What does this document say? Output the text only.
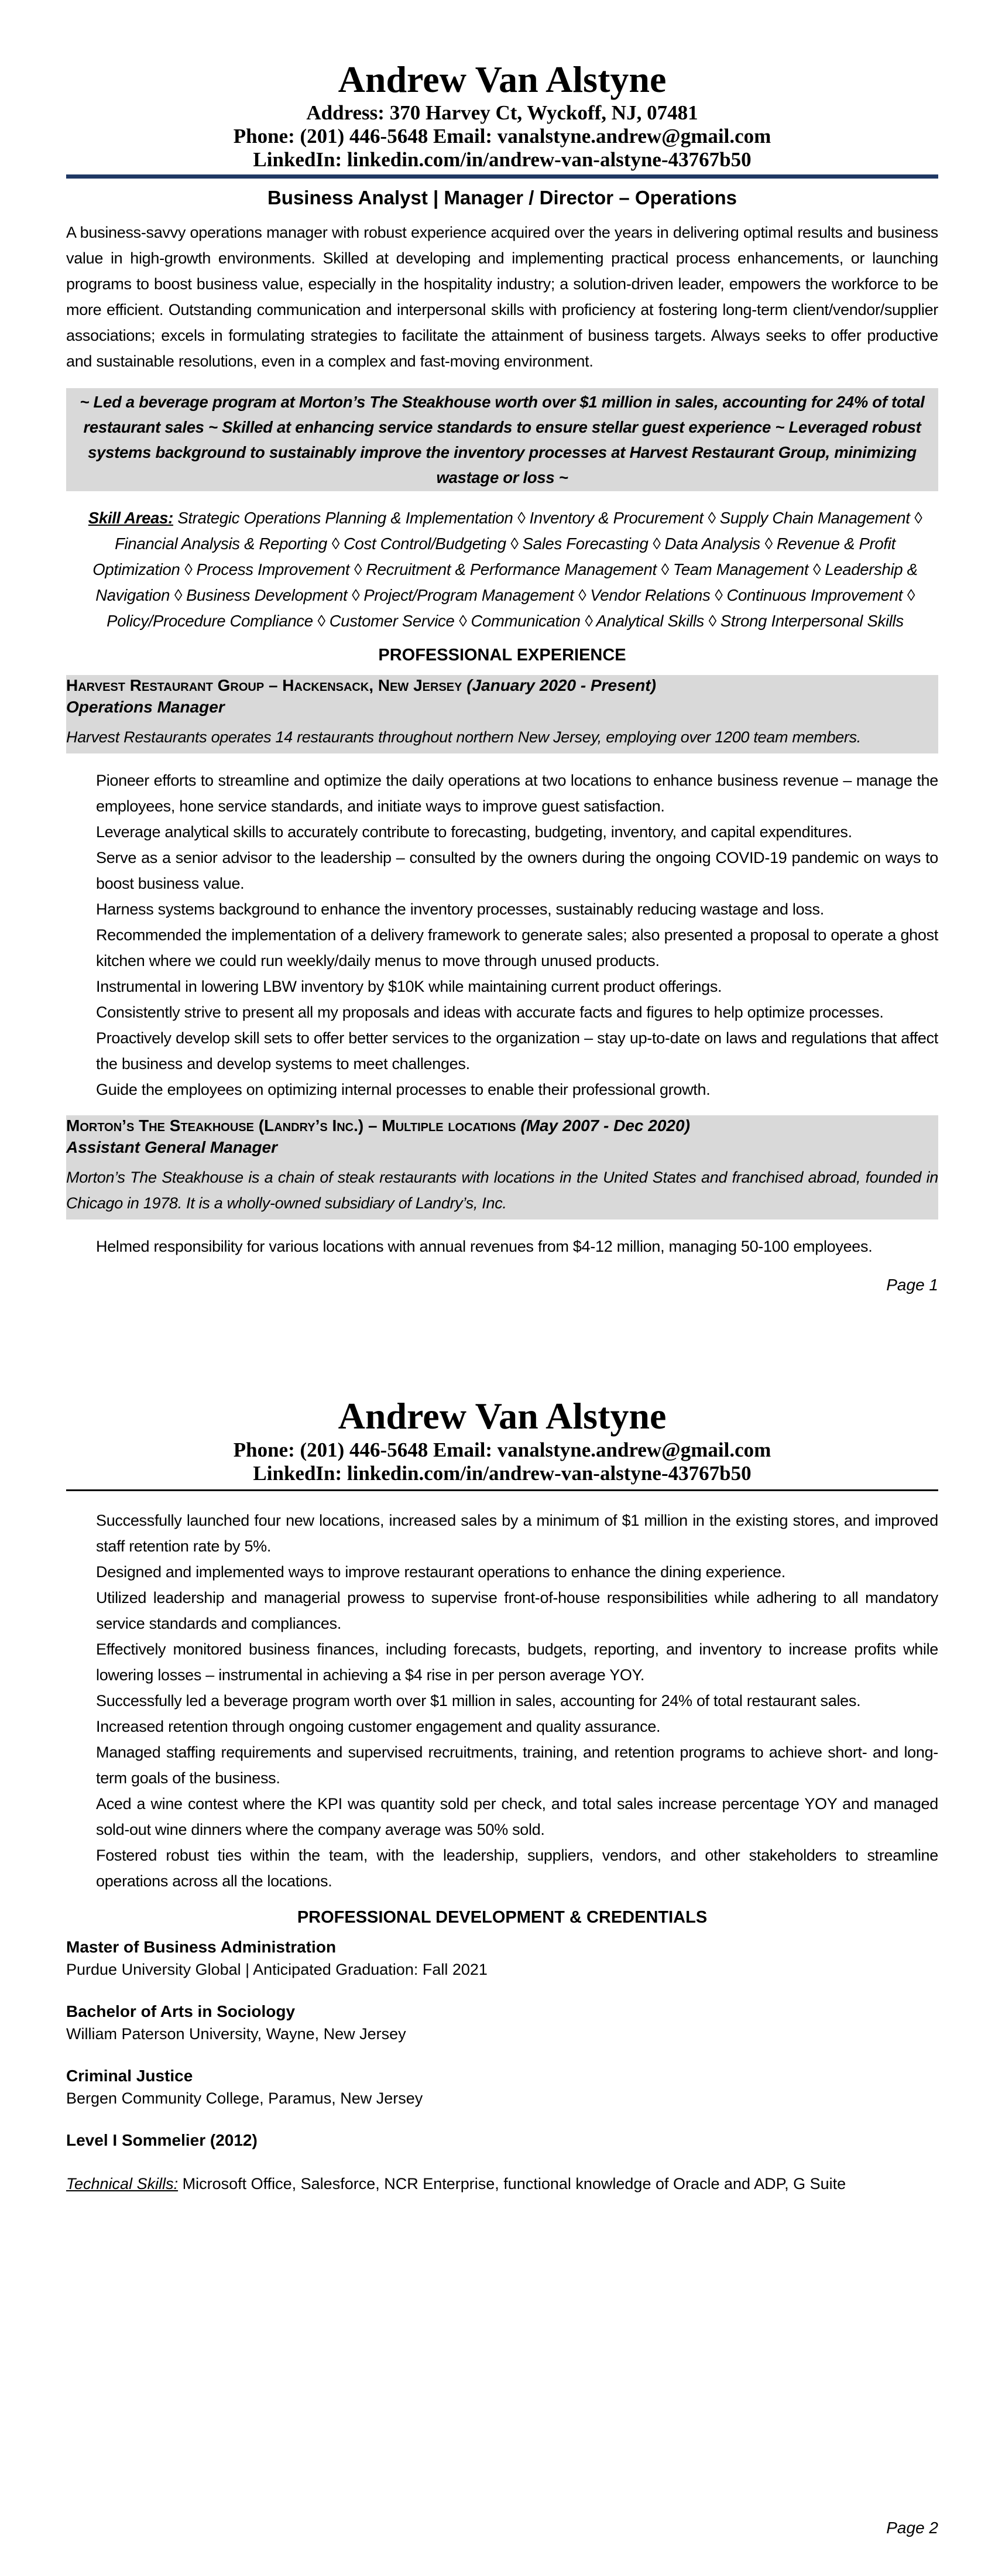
Andrew Van Alstyne
Address: 370 Harvey Ct, Wyckoff, NJ, 07481
Phone: (201) 446-5648 Email: vanalstyne.andrew@gmail.com
LinkedIn: linkedin.com/in/andrew-van-alstyne-43767b50
Business Analyst | Manager / Director – Operations
A business-savvy operations manager with robust experience acquired over the years in delivering optimal results and business value in high-growth environments. Skilled at developing and implementing practical process enhancements, or launching programs to boost business value, especially in the hospitality industry; a solution-driven leader, empowers the workforce to be more efficient. Outstanding communication and interpersonal skills with proficiency at fostering long-term client/vendor/supplier associations; excels in formulating strategies to facilitate the attainment of business targets. Always seeks to offer productive and sustainable resolutions, even in a complex and fast-moving environment.
~ Led a beverage program at Morton’s The Steakhouse worth over $1 million in sales, accounting for 24% of total restaurant sales ~ Skilled at enhancing service standards to ensure stellar guest experience ~ Leveraged robust systems background to sustainably improve the inventory processes at Harvest Restaurant Group, minimizing wastage or loss ~
Skill Areas: Strategic Operations Planning & Implementation ◊ Inventory & Procurement ◊ Supply Chain Management ◊ Financial Analysis & Reporting ◊ Cost Control/Budgeting ◊ Sales Forecasting ◊ Data Analysis ◊ Revenue & Profit Optimization ◊ Process Improvement ◊ Recruitment & Performance Management ◊ Team Management ◊ Leadership & Navigation ◊ Business Development ◊ Project/Program Management ◊ Vendor Relations ◊ Continuous Improvement ◊ Policy/Procedure Compliance ◊ Customer Service ◊ Communication ◊ Analytical Skills ◊ Strong Interpersonal Skills
PROFESSIONAL EXPERIENCE
Harvest Restaurant Group – Hackensack, New Jersey (January 2020 - Present)
Operations Manager
Harvest Restaurants operates 14 restaurants throughout northern New Jersey, employing over 1200 team members.
Pioneer efforts to streamline and optimize the daily operations at two locations to enhance business revenue – manage the employees, hone service standards, and initiate ways to improve guest satisfaction.
Leverage analytical skills to accurately contribute to forecasting, budgeting, inventory, and capital expenditures.
Serve as a senior advisor to the leadership – consulted by the owners during the ongoing COVID-19 pandemic on ways to boost business value.
Harness systems background to enhance the inventory processes, sustainably reducing wastage and loss.
Recommended the implementation of a delivery framework to generate sales; also presented a proposal to operate a ghost kitchen where we could run weekly/daily menus to move through unused products.
Instrumental in lowering LBW inventory by $10K while maintaining current product offerings.
Consistently strive to present all my proposals and ideas with accurate facts and figures to help optimize processes.
Proactively develop skill sets to offer better services to the organization – stay up-to-date on laws and regulations that affect the business and develop systems to meet challenges.
Guide the employees on optimizing internal processes to enable their professional growth.
Morton’s The Steakhouse (Landry’s Inc.) – Multiple locations (May 2007 - Dec 2020)
Assistant General Manager
Morton’s The Steakhouse is a chain of steak restaurants with locations in the United States and franchised abroad, founded in Chicago in 1978. It is a wholly-owned subsidiary of Landry’s, Inc.
Helmed responsibility for various locations with annual revenues from $4-12 million, managing 50-100 employees.
Page 1
Andrew Van Alstyne
Phone: (201) 446-5648 Email: vanalstyne.andrew@gmail.com
LinkedIn: linkedin.com/in/andrew-van-alstyne-43767b50
Successfully launched four new locations, increased sales by a minimum of $1 million in the existing stores, and improved staff retention rate by 5%.
Designed and implemented ways to improve restaurant operations to enhance the dining experience.
Utilized leadership and managerial prowess to supervise front-of-house responsibilities while adhering to all mandatory service standards and compliances.
Effectively monitored business finances, including forecasts, budgets, reporting, and inventory to increase profits while lowering losses – instrumental in achieving a $4 rise in per person average YOY.
Successfully led a beverage program worth over $1 million in sales, accounting for 24% of total restaurant sales.
Increased retention through ongoing customer engagement and quality assurance.
Managed staffing requirements and supervised recruitments, training, and retention programs to achieve short- and long-term goals of the business.
Aced a wine contest where the KPI was quantity sold per check, and total sales increase percentage YOY and managed sold-out wine dinners where the company average was 50% sold.
Fostered robust ties within the team, with the leadership, suppliers, vendors, and other stakeholders to streamline operations across all the locations.
PROFESSIONAL DEVELOPMENT & CREDENTIALS
Master of Business Administration
Purdue University Global | Anticipated Graduation: Fall 2021
Bachelor of Arts in Sociology
William Paterson University, Wayne, New Jersey
Criminal Justice
Bergen Community College, Paramus, New Jersey
Level I Sommelier (2012)
Technical Skills: Microsoft Office, Salesforce, NCR Enterprise, functional knowledge of Oracle and ADP, G Suite
Page 2
